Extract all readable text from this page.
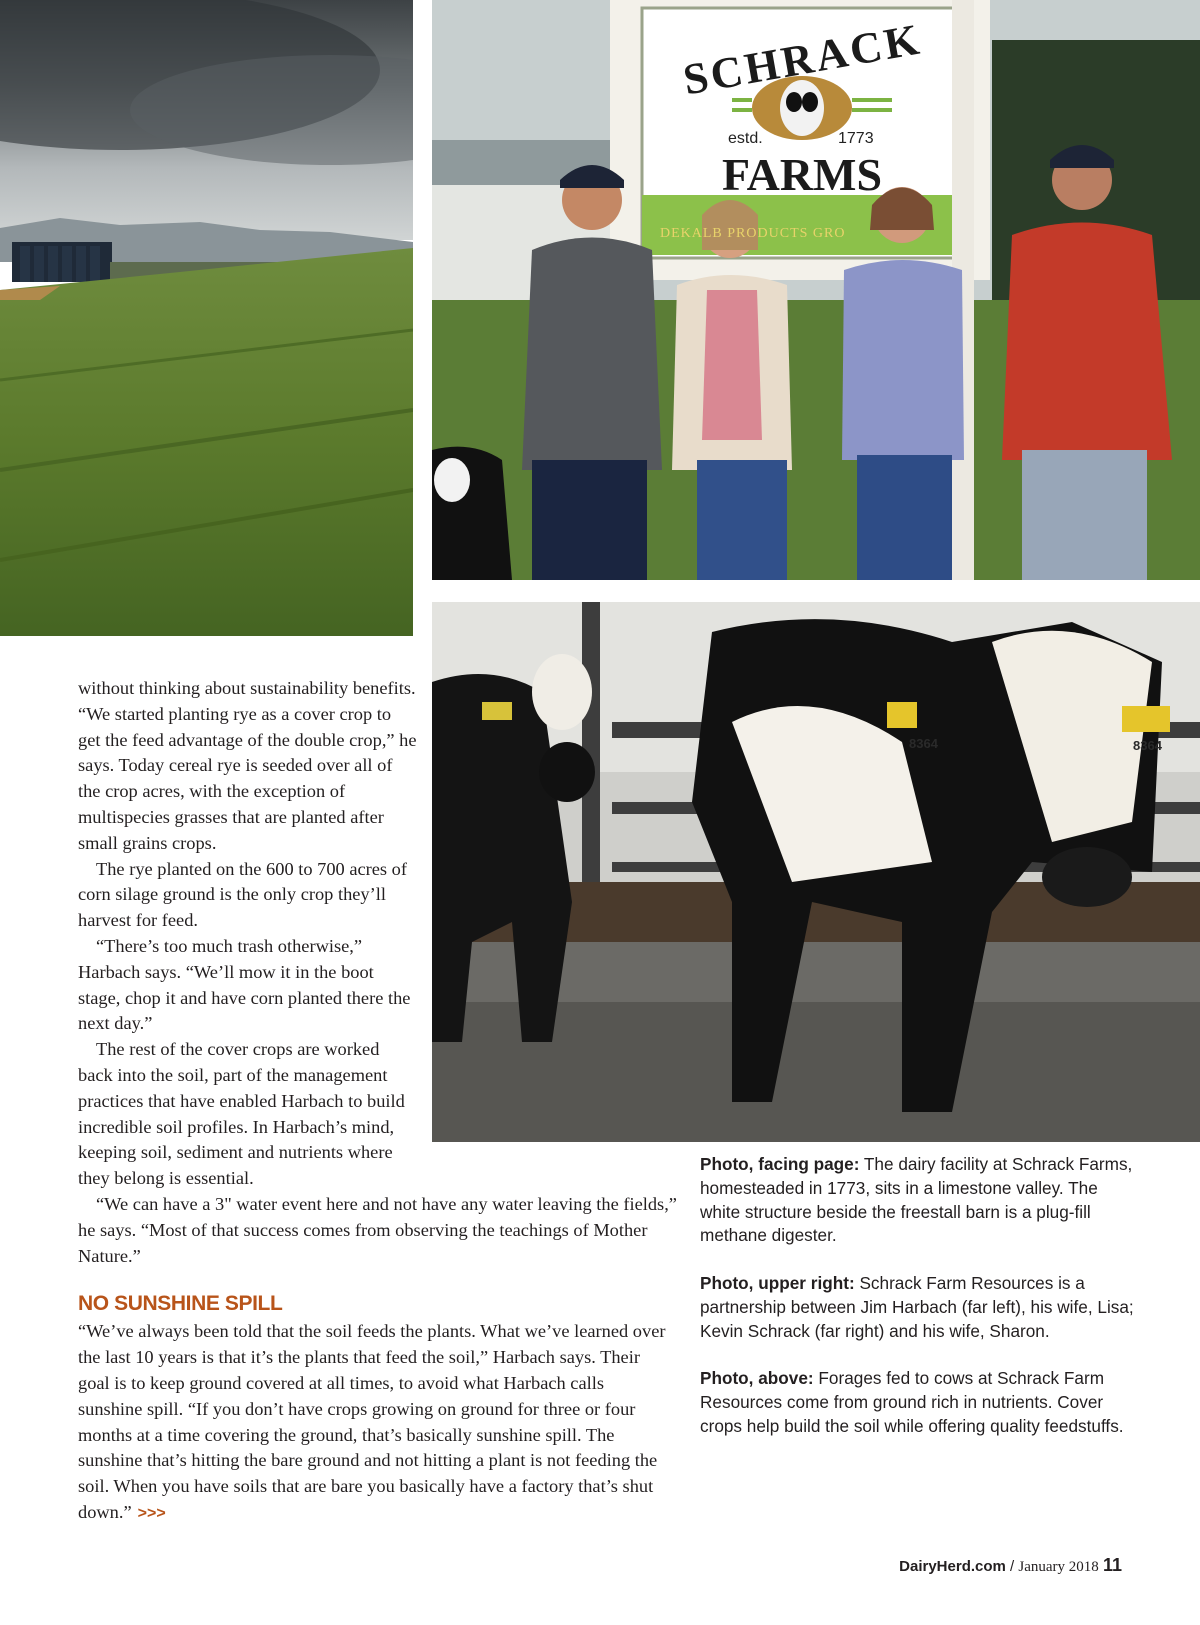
SCHRACK
estd.	1773
FARMS
DEKALB PRODUCTS GRO
8364	8364

without thinking about sustainability benefits. “We started planting rye as a cover crop to get the feed advantage of the double crop,” he says. Today cereal rye is seeded over all of the crop acres, with the exception of multispecies grasses that are planted after small grains crops.

The rye planted on the 600 to 700 acres of corn silage ground is the only crop they’ll harvest for feed.

“There’s too much trash otherwise,” Harbach says. “We’ll mow it in the boot stage, chop it and have corn planted there the next day.”

The rest of the cover crops are worked back into the soil, part of the management practices that have enabled Harbach to build incredible soil profiles. In Harbach’s mind, keeping soil, sediment and nutrients where they belong is essential.

“We can have a 3" water event here and not have any water leaving the fields,” he says. “Most of that success comes from observing the teachings of Mother Nature.”

NO SUNSHINE SPILL

“We’ve always been told that the soil feeds the plants. What we’ve learned over the last 10 years is that it’s the plants that feed the soil,” Harbach says. Their goal is to keep ground covered at all times, to avoid what Harbach calls sunshine spill. “If you don’t have crops growing on ground for three or four months at a time covering the ground, that’s basically sunshine spill. The sunshine that’s hitting the bare ground and not hitting a plant is not feeding the soil. When you have soils that are bare you basically have a factory that’s shut down.” >>>

Photo, facing page: The dairy facility at Schrack Farms, homesteaded in 1773, sits in a limestone valley. The white structure beside the freestall barn is a plug-fill methane digester.

Photo, upper right: Schrack Farm Resources is a partnership between Jim Harbach (far left), his wife, Lisa; Kevin Schrack (far right) and his wife, Sharon.

Photo, above: Forages fed to cows at Schrack Farm Resources come from ground rich in nutrients. Cover crops help build the soil while offering quality feedstuffs.

DairyHerd.com / January 2018 11
